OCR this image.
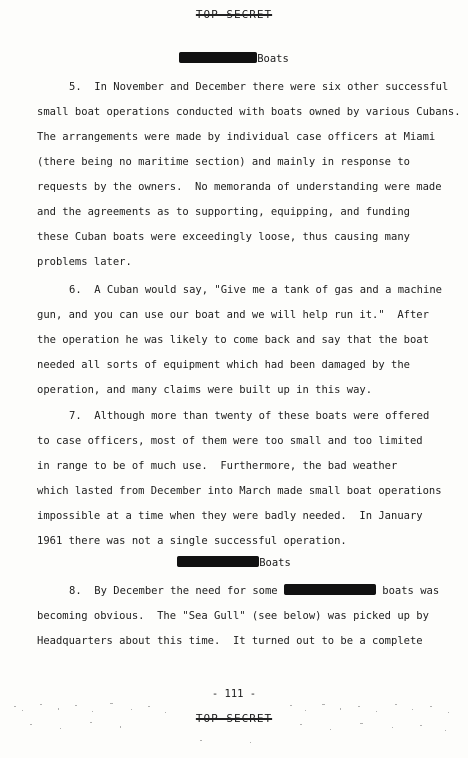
TOP SECRET
Boats
5.  In November and December there were six other successful
small boat operations conducted with boats owned by various Cubans.
The arrangements were made by individual case officers at Miami
(there being no maritime section) and mainly in response to
requests by the owners.  No memoranda of understanding were made
and the agreements as to supporting, equipping, and funding
these Cuban boats were exceedingly loose, thus causing many
problems later.
6.  A Cuban would say, "Give me a tank of gas and a machine
gun, and you can use our boat and we will help run it."  After
the operation he was likely to come back and say that the boat
needed all sorts of equipment which had been damaged by the
operation, and many claims were built up in this way.
7.  Although more than twenty of these boats were offered
to case officers, most of them were too small and too limited
in range to be of much use.  Furthermore, the bad weather
which lasted from December into March made small boat operations
impossible at a time when they were badly needed.  In January
1961 there was not a single successful operation.
Boats
8.  By December the need for some	boats was
becoming obvious.  The "Sea Gull" (see below) was picked up by
Headquarters about this time.  It turned out to be a complete
- 111 -
TOP SECRET
